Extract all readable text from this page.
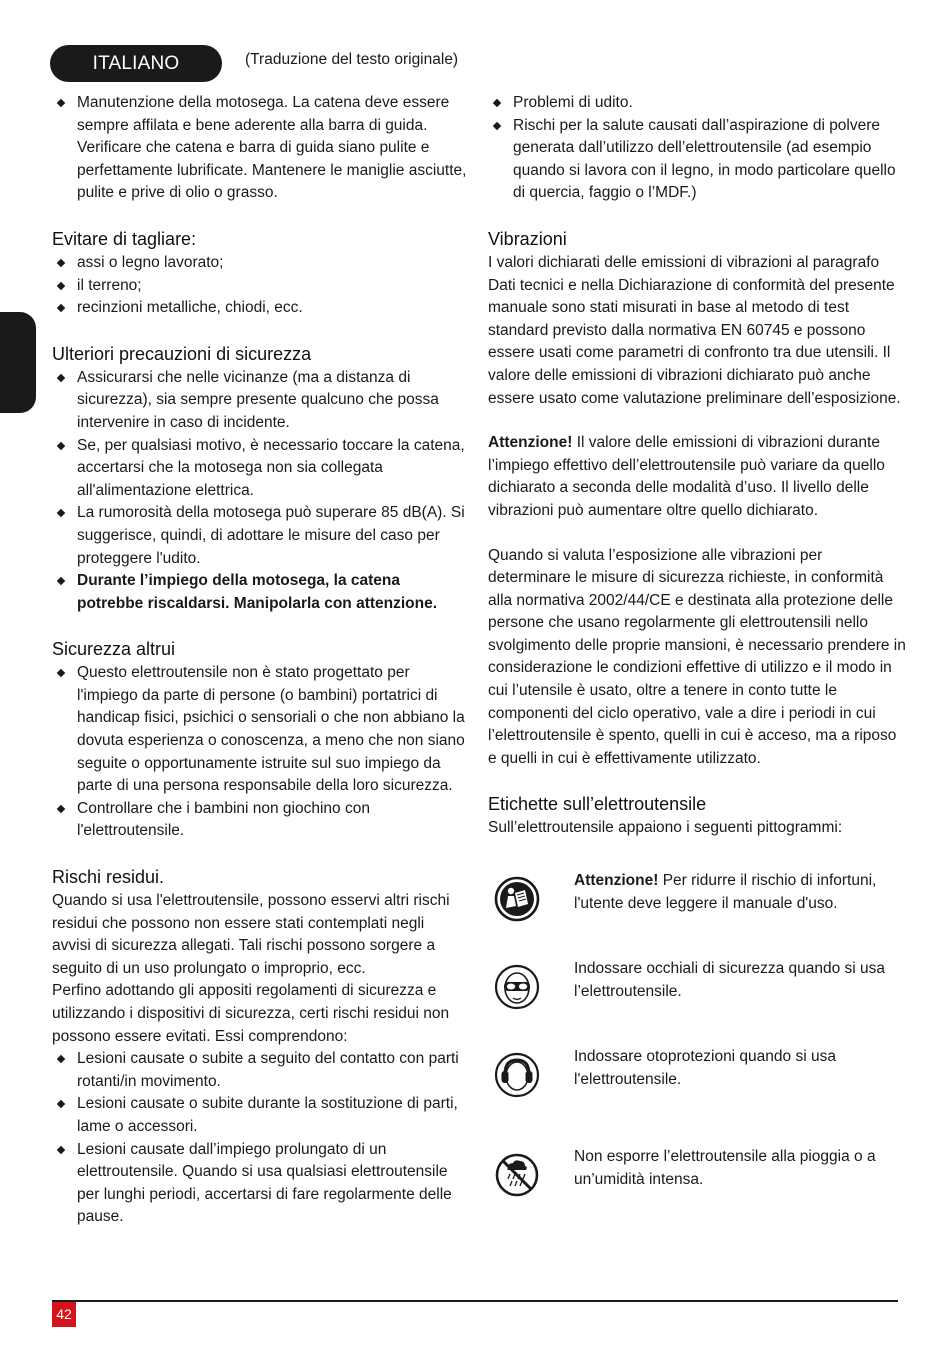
ITALIANO	(Traduzione del testo originale)
Manutenzione della motosega. La catena deve essere sempre affilata e bene aderente alla barra di guida. Verificare che catena e barra di guida siano pulite e perfettamente lubrificate. Mantenere le maniglie asciutte, pulite e prive di olio o grasso.
Evitare di tagliare:
assi o legno lavorato;
il terreno;
recinzioni metalliche, chiodi, ecc.
Ulteriori precauzioni di sicurezza
Assicurarsi che nelle vicinanze (ma a distanza di sicurezza), sia sempre presente qualcuno che possa intervenire in caso di incidente.
Se, per qualsiasi motivo, è necessario toccare la catena, accertarsi che la motosega non sia collegata all'alimentazione elettrica.
La rumorosità della motosega può superare 85 dB(A). Si suggerisce, quindi, di adottare le misure del caso per proteggere l'udito.
Durante l’impiego della motosega, la catena potrebbe riscaldarsi. Manipolarla con attenzione.
Sicurezza altrui
Questo elettroutensile non è stato progettato per l'impiego da parte di persone (o bambini) portatrici di handicap fisici, psichici o sensoriali o che non abbiano la dovuta esperienza o conoscenza, a meno che non siano seguite o opportunamente istruite sul suo impiego da parte di una persona responsabile della loro sicurezza.
Controllare che i bambini non giochino con l'elettroutensile.
Rischi residui.

Quando si usa l'elettroutensile, possono esservi altri rischi residui che possono non essere stati contemplati negli avvisi di sicurezza allegati. Tali rischi possono sorgere a seguito di un uso prolungato o improprio, ecc.

Perfino adottando gli appositi regolamenti di sicurezza e utilizzando i dispositivi di sicurezza, certi rischi residui non possono essere evitati. Essi comprendono:

Lesioni causate o subite a seguito del contatto con parti rotanti/in movimento.
Lesioni causate o subite durante la sostituzione di parti, lame o accessori.
Lesioni causate dall’impiego prolungato di un elettroutensile. Quando si usa qualsiasi elettroutensile per lunghi periodi, accertarsi di fare regolarmente delle pause.
Problemi di udito.
Rischi per la salute causati dall’aspirazione di polvere generata dall’utilizzo dell’elettroutensile (ad esempio quando si lavora con il legno, in modo particolare quello di quercia, faggio o l’MDF.)
Vibrazioni

I valori dichiarati delle emissioni di vibrazioni al paragrafo Dati tecnici e nella Dichiarazione di conformità del presente manuale sono stati misurati in base al metodo di test standard previsto dalla normativa EN 60745 e possono essere usati come parametri di confronto tra due utensili. Il valore delle emissioni di vibrazioni dichiarato può anche essere usato come valutazione preliminare dell’esposizione.

Attenzione! Il valore delle emissioni di vibrazioni durante l’impiego effettivo dell’elettroutensile può variare da quello dichiarato a seconda delle modalità d’uso. Il livello delle vibrazioni può aumentare oltre quello dichiarato.

Quando si valuta l’esposizione alle vibrazioni per determinare le misure di sicurezza richieste, in conformità alla normativa 2002/44/CE e destinata alla protezione delle persone che usano regolarmente gli elettroutensili nello svolgimento delle proprie mansioni, è necessario prendere in considerazione le condizioni effettive di utilizzo e il modo in cui l’utensile è usato, oltre a tenere in conto tutte le componenti del ciclo operativo, vale a dire i periodi in cui l’elettroutensile è spento, quelli in cui è acceso, ma a riposo e quelli in cui è effettivamente utilizzato.

Etichette sull’elettroutensile

Sull’elettroutensile appaiono i seguenti pittogrammi:

Attenzione! Per ridurre il rischio di infortuni, l'utente deve leggere il manuale d'uso.
Indossare occhiali di sicurezza quando si usa l’elettroutensile.
Indossare otoprotezioni quando si usa l'elettroutensile.
Non esporre l’elettroutensile alla pioggia o a un’umidità intensa.
42
